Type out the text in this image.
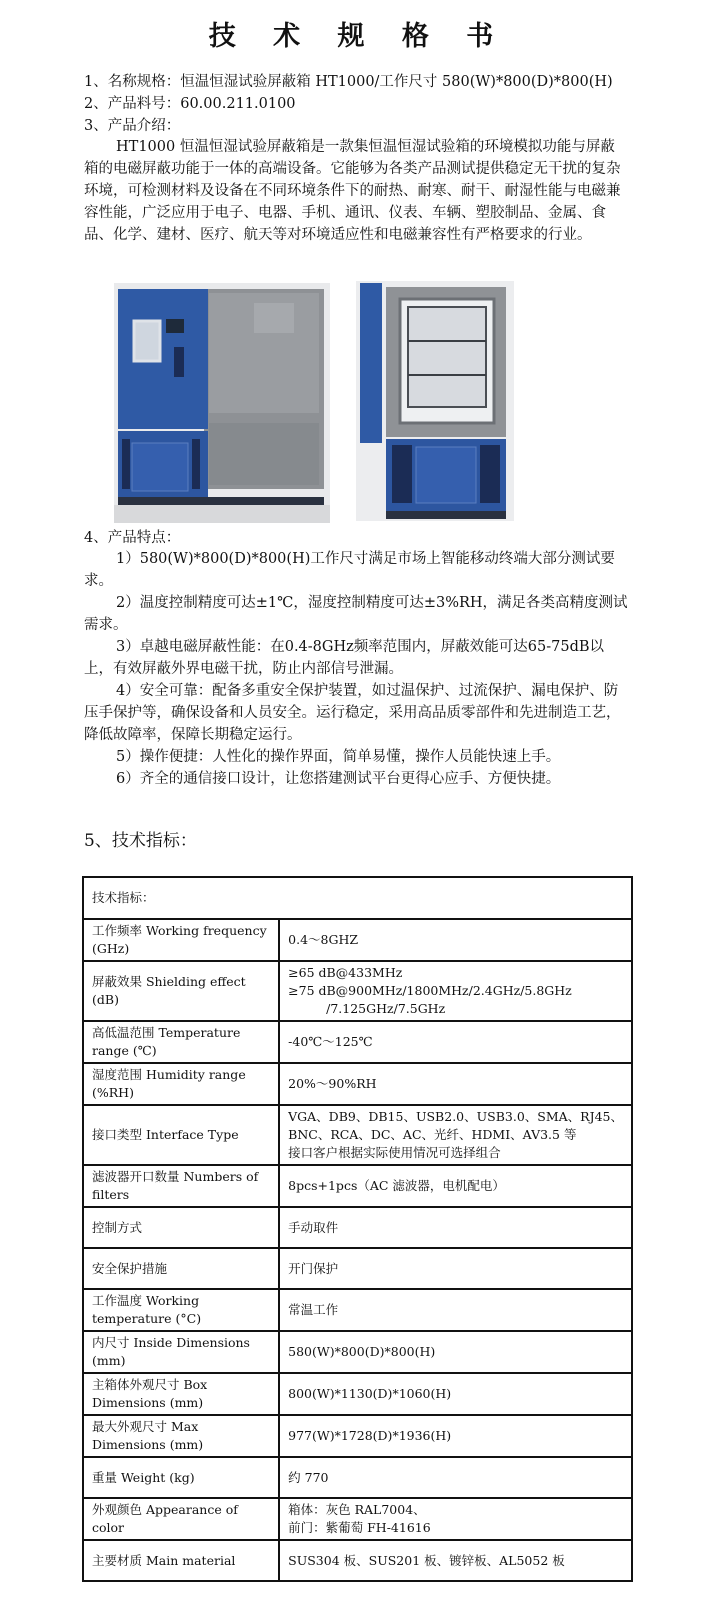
技 术 规 格 书
1、名称规格：恒温恒湿试验屏蔽箱 HT1000/工作尺寸 580(W)*800(D)*800(H)
2、产品料号：60.00.211.0100
3、产品介绍：

HT1000 恒温恒湿试验屏蔽箱是一款集恒温恒湿试验箱的环境模拟功能与屏蔽箱的电磁屏蔽功能于一体的高端设备。它能够为各类产品测试提供稳定无干扰的复杂环境，可检测材料及设备在不同环境条件下的耐热、耐寒、耐干、耐湿性能与电磁兼容性能，广泛应用于电子、电器、手机、通讯、仪表、车辆、塑胶制品、金属、食品、化学、建材、医疗、航天等对环境适应性和电磁兼容性有严格要求的行业。

4、产品特点：

1）580(W)*800(D)*800(H)工作尺寸满足市场上智能移动终端大部分测试要求。

2）温度控制精度可达±1℃，湿度控制精度可达±3%RH，满足各类高精度测试需求。

3）卓越电磁屏蔽性能：在0.4-8GHz频率范围内，屏蔽效能可达65-75dB以上，有效屏蔽外界电磁干扰，防止内部信号泄漏。

4）安全可靠：配备多重安全保护装置，如过温保护、过流保护、漏电保护、防压手保护等，确保设备和人员安全。运行稳定，采用高品质零部件和先进制造工艺，降低故障率，保障长期稳定运行。

5）操作便捷：人性化的操作界面，简单易懂，操作人员能快速上手。

6）齐全的通信接口设计，让您搭建测试平台更得心应手、方便快捷。

5、技术指标：
技术指标：	
工作频率 Working frequency (GHz)	0.4～8GHZ
屏蔽效果 Shielding effect (dB)	≥65 dB@433MHz
≥75 dB@900MHz/1800MHz/2.4GHz/5.8GHz
/7.125GHz/7.5GHz

高低温范围 Temperature range (℃)	-40℃～125℃
湿度范围 Humidity range (%RH)	20%～90%RH
接口类型 Interface Type	VGA、DB9、DB15、USB2.0、USB3.0、SMA、RJ45、
BNC、RCA、DC、AC、光纤、HDMI、AV3.5 等
接口客户根据实际使用情况可选择组合

滤波器开口数量 Numbers of filters	8pcs+1pcs（AC 滤波器，电机配电）
控制方式	手动取件
安全保护措施	开门保护
工作温度 Working temperature (°C)	常温工作
内尺寸 Inside Dimensions (mm)	580(W)*800(D)*800(H)
主箱体外观尺寸 Box Dimensions (mm)	800(W)*1130(D)*1060(H)
最大外观尺寸 Max Dimensions (mm)	977(W)*1728(D)*1936(H)
重量 Weight (kg)	约 770
外观颜色 Appearance of color	箱体：灰色 RAL7004、
前门：紫葡萄 FH-41616

主要材质 Main material	SUS304 板、SUS201 板、镀锌板、AL5052 板
